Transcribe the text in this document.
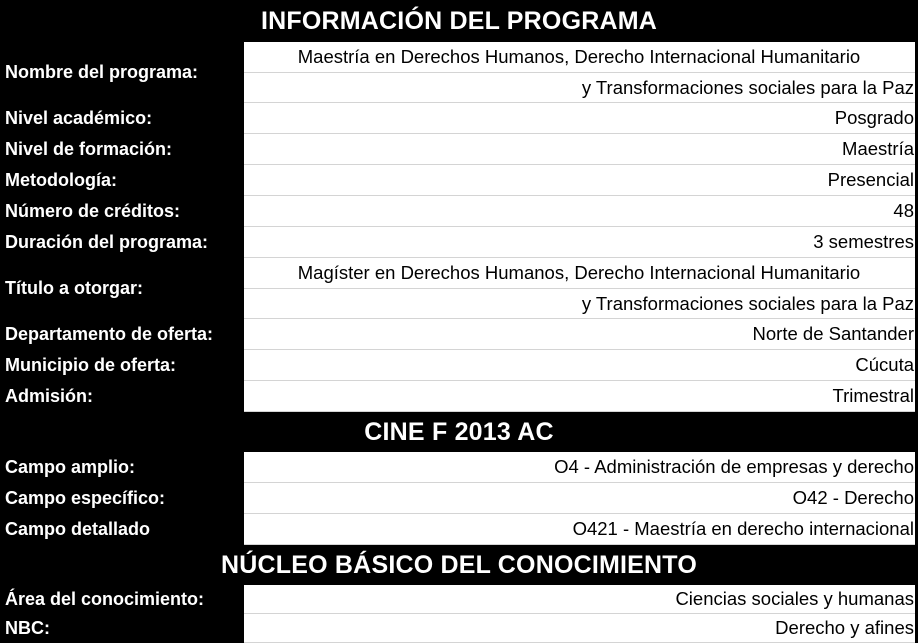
INFORMACIÓN DEL PROGRAMA
Nombre del programa:
Maestría en Derechos Humanos, Derecho Internacional Humanitario
y Transformaciones sociales para la Paz
Nivel académico:	Posgrado
Nivel de formación:	Maestría
Metodología:	Presencial
Número de créditos:	48
Duración del programa:	3 semestres
Título a otorgar:
Magíster en Derechos Humanos, Derecho Internacional Humanitario
y Transformaciones sociales para la Paz
Departamento de oferta:	Norte de Santander
Municipio de oferta:	Cúcuta
Admisión:	Trimestral
CINE F 2013 AC
Campo amplio:	O4 - Administración de empresas y derecho
Campo específico:	O42 - Derecho
Campo detallado	O421 - Maestría en derecho internacional
NÚCLEO BÁSICO DEL CONOCIMIENTO
Área del conocimiento:	Ciencias sociales y humanas
NBC:	Derecho y afines
